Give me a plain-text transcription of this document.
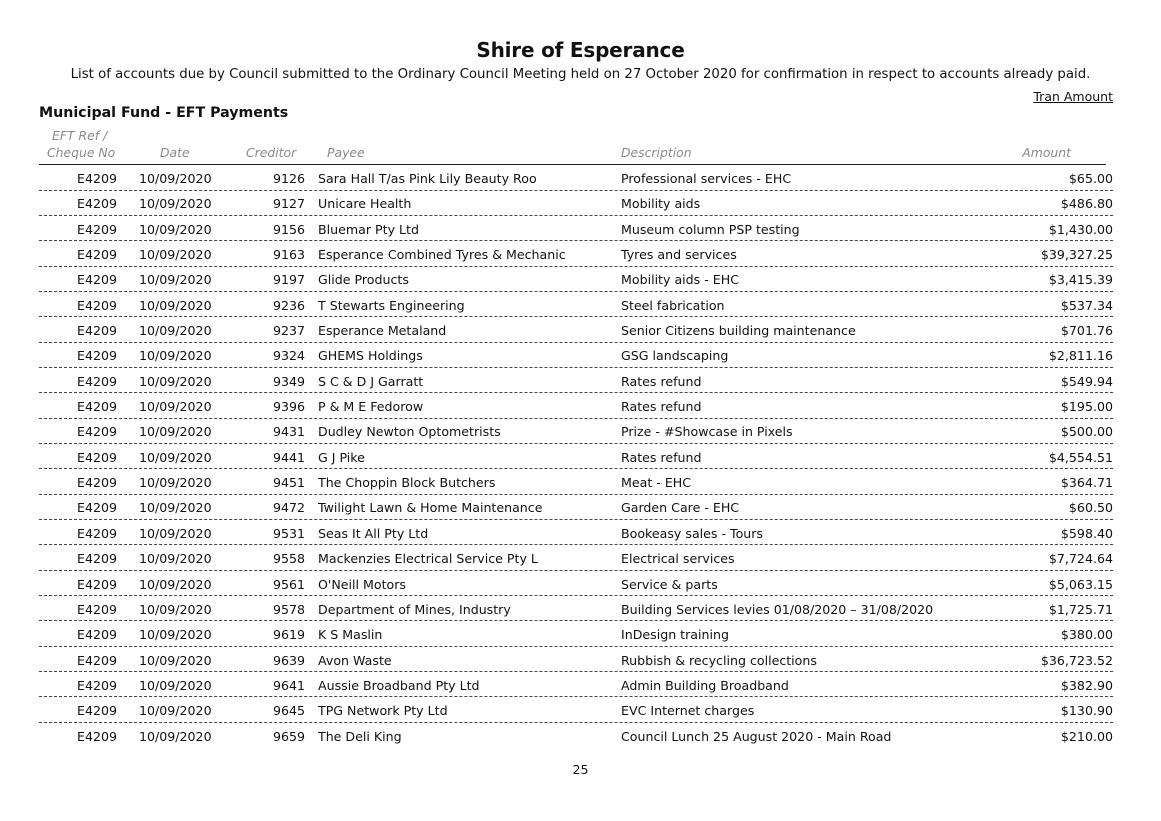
Shire of Esperance
List of accounts due by Council submitted to the Ordinary Council Meeting held on 27 October 2020 for confirmation in respect to accounts already paid.
Tran Amount
Municipal Fund - EFT Payments
EFT Ref /
Cheque No	Date	Creditor Payee	Description	Amount
E4209 10/09/2020	9126 Sara Hall T/as Pink Lily Beauty Roo	Professional services - EHC	$65.00
E4209 10/09/2020	9127 Unicare Health	Mobility aids	$486.80
E4209 10/09/2020	9156 Bluemar Pty Ltd	Museum column PSP testing	$1,430.00
E4209 10/09/2020	9163 Esperance Combined Tyres & Mechanic	Tyres and services	$39,327.25
E4209 10/09/2020	9197 Glide Products	Mobility aids - EHC	$3,415.39
E4209 10/09/2020	9236 T Stewarts Engineering	Steel fabrication	$537.34
E4209 10/09/2020	9237 Esperance Metaland	Senior Citizens building maintenance	$701.76
E4209 10/09/2020	9324 GHEMS Holdings	GSG landscaping	$2,811.16
E4209 10/09/2020	9349 S C & D J Garratt	Rates refund	$549.94
E4209 10/09/2020	9396 P & M E Fedorow	Rates refund	$195.00
E4209 10/09/2020	9431 Dudley Newton Optometrists	Prize - #Showcase in Pixels	$500.00
E4209 10/09/2020	9441 G J Pike	Rates refund	$4,554.51
E4209 10/09/2020	9451 The Choppin Block Butchers	Meat - EHC	$364.71
E4209 10/09/2020	9472 Twilight Lawn & Home Maintenance	Garden Care - EHC	$60.50
E4209 10/09/2020	9531 Seas It All Pty Ltd	Bookeasy sales - Tours	$598.40
E4209 10/09/2020	9558 Mackenzies Electrical Service Pty L	Electrical services	$7,724.64
E4209 10/09/2020	9561 O'Neill Motors	Service & parts	$5,063.15
E4209 10/09/2020	9578 Department of Mines, Industry	Building Services levies 01/08/2020 – 31/08/2020	$1,725.71
E4209 10/09/2020	9619 K S Maslin	InDesign training	$380.00
E4209 10/09/2020	9639 Avon Waste	Rubbish & recycling collections	$36,723.52
E4209 10/09/2020	9641 Aussie Broadband Pty Ltd	Admin Building Broadband	$382.90
E4209 10/09/2020	9645 TPG Network Pty Ltd	EVC Internet charges	$130.90
E4209 10/09/2020	9659 The Deli King	Council Lunch 25 August 2020 - Main Road	$210.00
25
